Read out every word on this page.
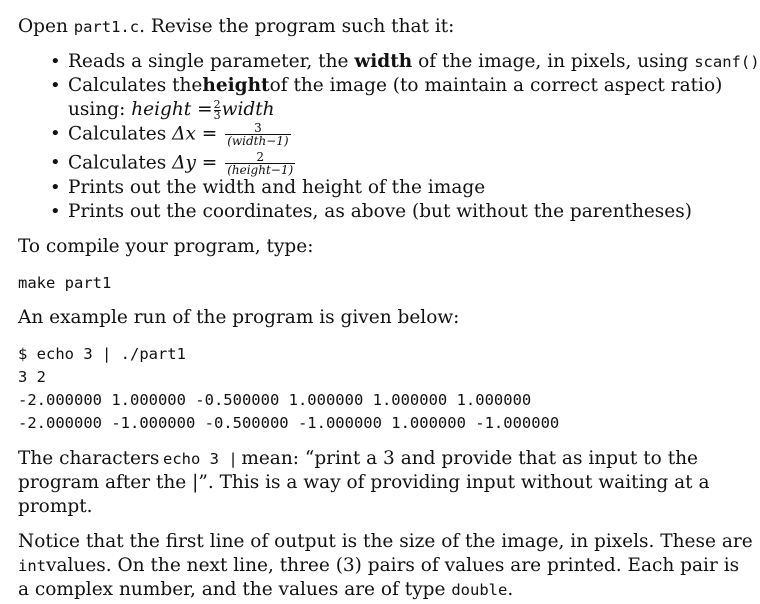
Open part1.c. Revise the program such that it:
• Reads a single parameter, the width of the image, in pixels, using scanf()
• Calculates the height of the image (to maintain a correct aspect ratio)
using: height = $\frac{2}{3}$ width
• Calculates $\Delta x = \frac{3}{\text{(width−1)}}$
• Calculates $\Delta y = \frac{2}{\text{(height−1)}}$
• Prints out the width and height of the image
• Prints out the coordinates, as above (but without the parentheses)
To compile your program, type:
make part1
An example run of the program is given below:
$ echo 3 | ./part1
3 2
-2.000000 1.000000 -0.500000 1.000000 1.000000 1.000000
-2.000000 -1.000000 -0.500000 -1.000000 1.000000 -1.000000
The characters echo 3 | mean: “print a 3 and provide that as input to the
program after the |”. This is a way of providing input without waiting at a
prompt.
Notice that the first line of output is the size of the image, in pixels. These are
int values. On the next line, three (3) pairs of values are printed. Each pair is
a complex number, and the values are of type double.
